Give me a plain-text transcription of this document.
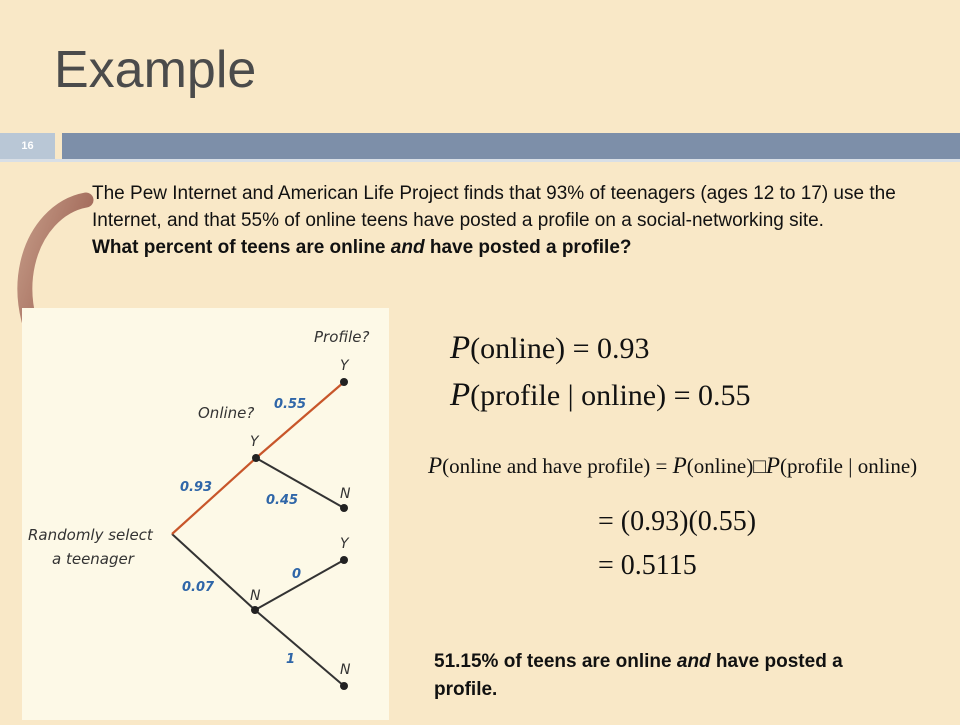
Example
16
The Pew Internet and American Life Project finds that 93% of teenagers (ages 12 to 17) use the Internet, and that 55% of online teens have posted a profile on a social-networking site.
What percent of teens are online and have posted a profile?
Randomly select
a teenager
Online?
Profile?
Y
N
Y
N
Y
N
0.93
0.07
0.55
0.45
0
1
P(online) = 0.93
P(profile | online) = 0.55
P(online and have profile) = P(online)□P(profile | online)
= (0.93)(0.55)
= 0.5115
51.15% of teens are online and have posted a profile.
